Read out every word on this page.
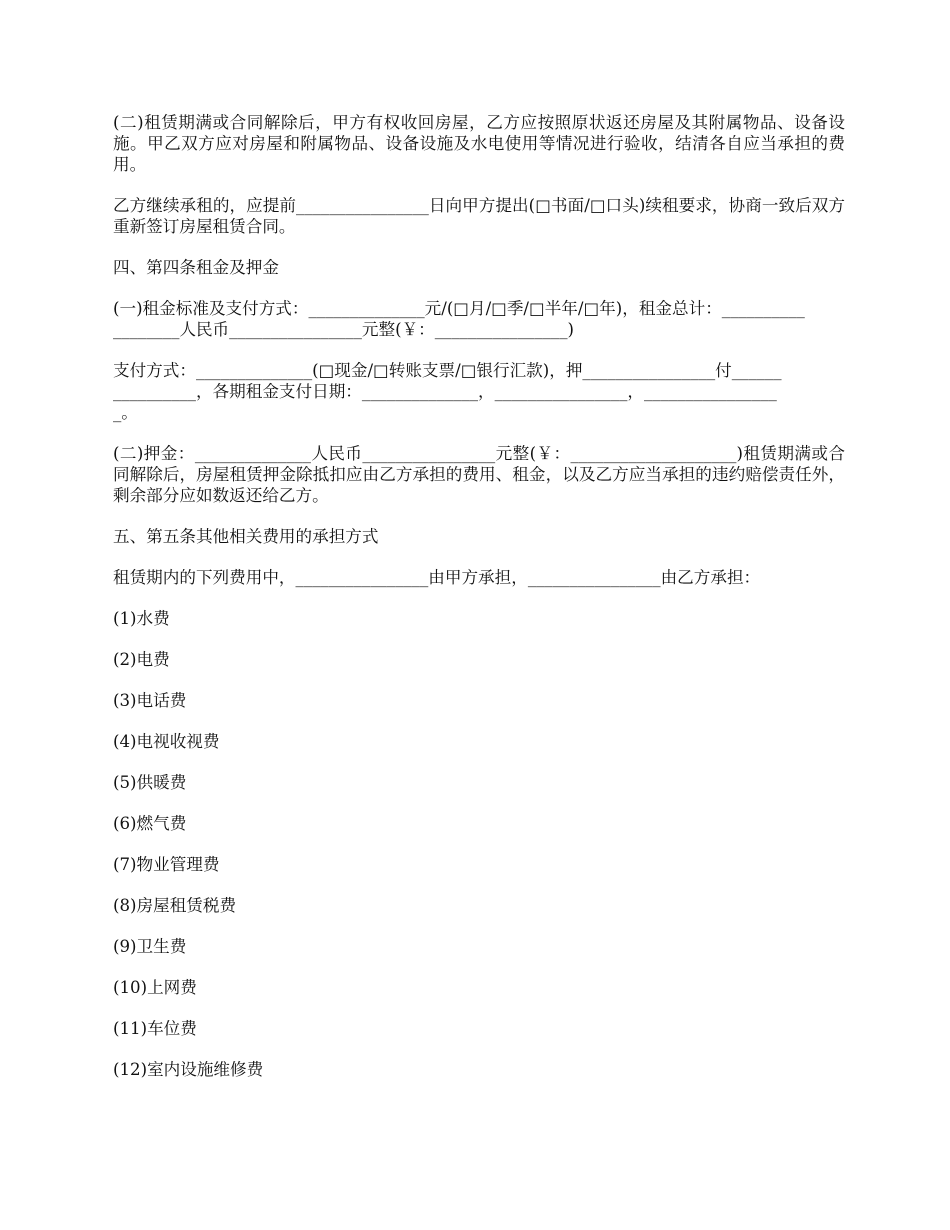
(二)租赁期满或合同解除后，甲方有权收回房屋，乙方应按照原状返还房屋及其附属物品、设备设施。甲乙双方应对房屋和附属物品、设备设施及水电使用等情况进行验收，结清各自应当承担的费用。

乙方继续承租的，应提前________________日向甲方提出(□书面/□口头)续租要求，协商一致后双方重新签订房屋租赁合同。

四、第四条租金及押金

(一)租金标准及支付方式：______________元/(□月/□季/□半年/□年)，租金总计：__________
________人民币________________元整(￥：________________)

支付方式：______________(□现金/□转账支票/□银行汇款)，押________________付______
__________，各期租金支付日期：______________，________________，________________
_。

(二)押金：______________人民币________________元整(￥：____________________)租赁期满或合同解除后，房屋租赁押金除抵扣应由乙方承担的费用、租金，以及乙方应当承担的违约赔偿责任外，剩余部分应如数返还给乙方。

五、第五条其他相关费用的承担方式

租赁期内的下列费用中，________________由甲方承担，________________由乙方承担：

(1)水费

(2)电费

(3)电话费

(4)电视收视费

(5)供暖费

(6)燃气费

(7)物业管理费

(8)房屋租赁税费

(9)卫生费

(10)上网费

(11)车位费

(12)室内设施维修费
